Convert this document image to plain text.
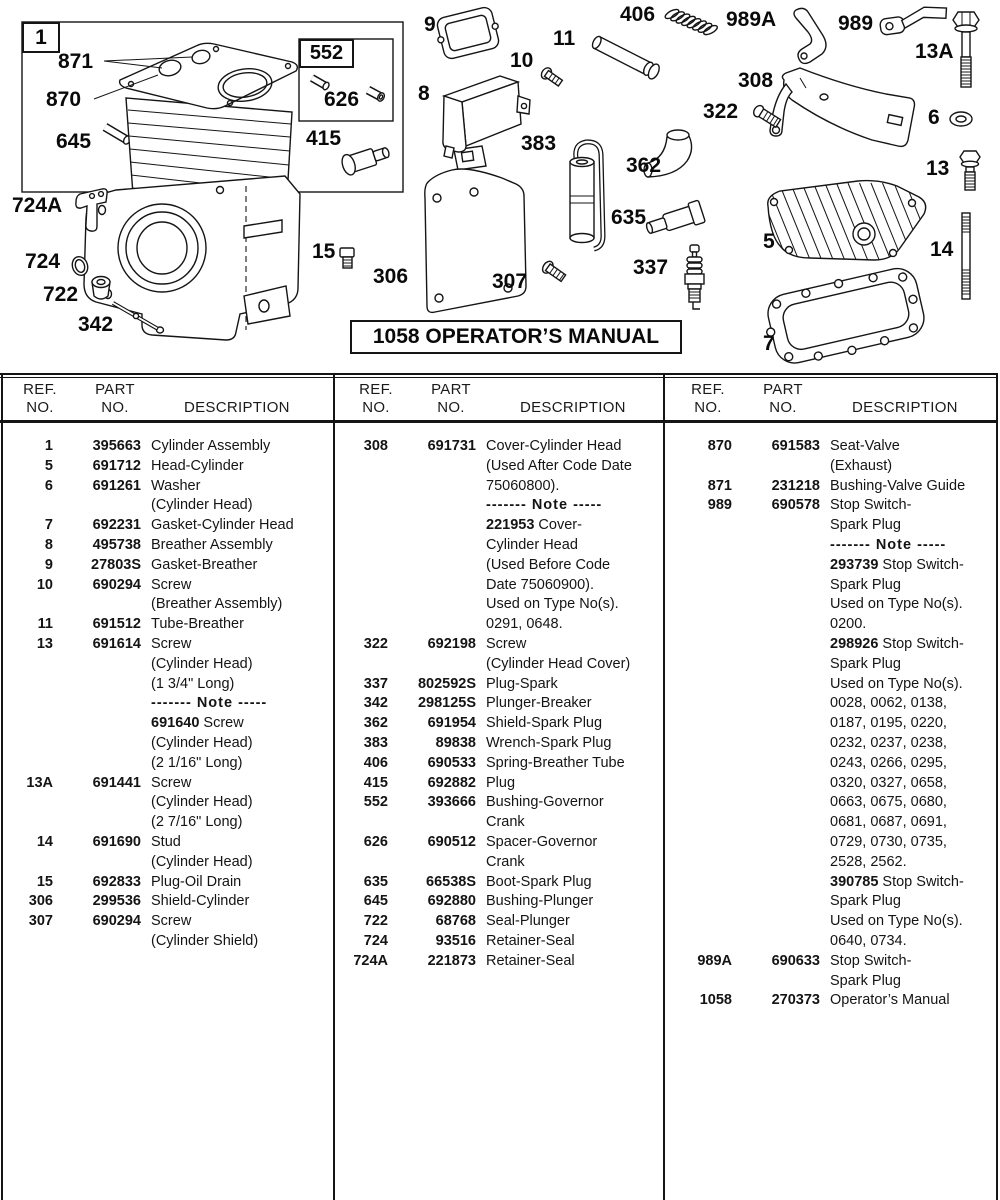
1
552
1058 OPERATOR’S MANUAL
871
870
645
724A
724
722
342
15
306	307
9
10
11
8
406
383
362
635
337
5
7
14
13
6
13A
989
989A
308
322
626
415
REF.
NO.
PART
NO.
	DESCRIPTION
REF.
NO.
PART
NO.
	DESCRIPTION
REF.
NO.
PART
NO.
	DESCRIPTION
1	395663 Cylinder Assembly
5	691712 Head-Cylinder
6	691261 Washer
(Cylinder Head)
7	692231 Gasket-Cylinder Head
8	495738 Breather Assembly
9	27803S Gasket-Breather
10	690294 Screw
(Breather Assembly)
11	691512 Tube-Breather
13	691614 Screw
(Cylinder Head)
(1 3/4" Long)
------- Note -----
691640 Screw
(Cylinder Head)
(2 1/16" Long)
13A	691441 Screw
(Cylinder Head)
(2 7/16" Long)
14	691690 Stud
(Cylinder Head)
15	692833 Plug-Oil Drain
306	299536 Shield-Cylinder
307	690294 Screw
(Cylinder Shield)
308	691731 Cover-Cylinder Head
(Used After Code Date
75060800).
------- Note -----
221953 Cover-
Cylinder Head
(Used Before Code
Date 75060900).
Used on Type No(s).
0291, 0648.
322	692198 Screw
(Cylinder Head Cover)
337	802592S Plug-Spark
342	298125S Plunger-Breaker
362	691954 Shield-Spark Plug
383	89838 Wrench-Spark Plug
406	690533 Spring-Breather Tube
415	692882 Plug
552	393666 Bushing-Governor
Crank
626	690512 Spacer-Governor
Crank
635	66538S Boot-Spark Plug
645	692880 Bushing-Plunger
722	68768 Seal-Plunger
724	93516 Retainer-Seal
724A	221873 Retainer-Seal
870	691583 Seat-Valve
(Exhaust)
871	231218 Bushing-Valve Guide
989	690578 Stop Switch-
Spark Plug
------- Note -----
293739 Stop Switch-
Spark Plug
Used on Type No(s).
0200.
298926 Stop Switch-
Spark Plug
Used on Type No(s).
0028, 0062, 0138,
0187, 0195, 0220,
0232, 0237, 0238,
0243, 0266, 0295,
0320, 0327, 0658,
0663, 0675, 0680,
0681, 0687, 0691,
0729, 0730, 0735,
2528, 2562.
390785 Stop Switch-
Spark Plug
Used on Type No(s).
0640, 0734.
989A	690633 Stop Switch-
Spark Plug
1058	270373 Operator’s Manual
